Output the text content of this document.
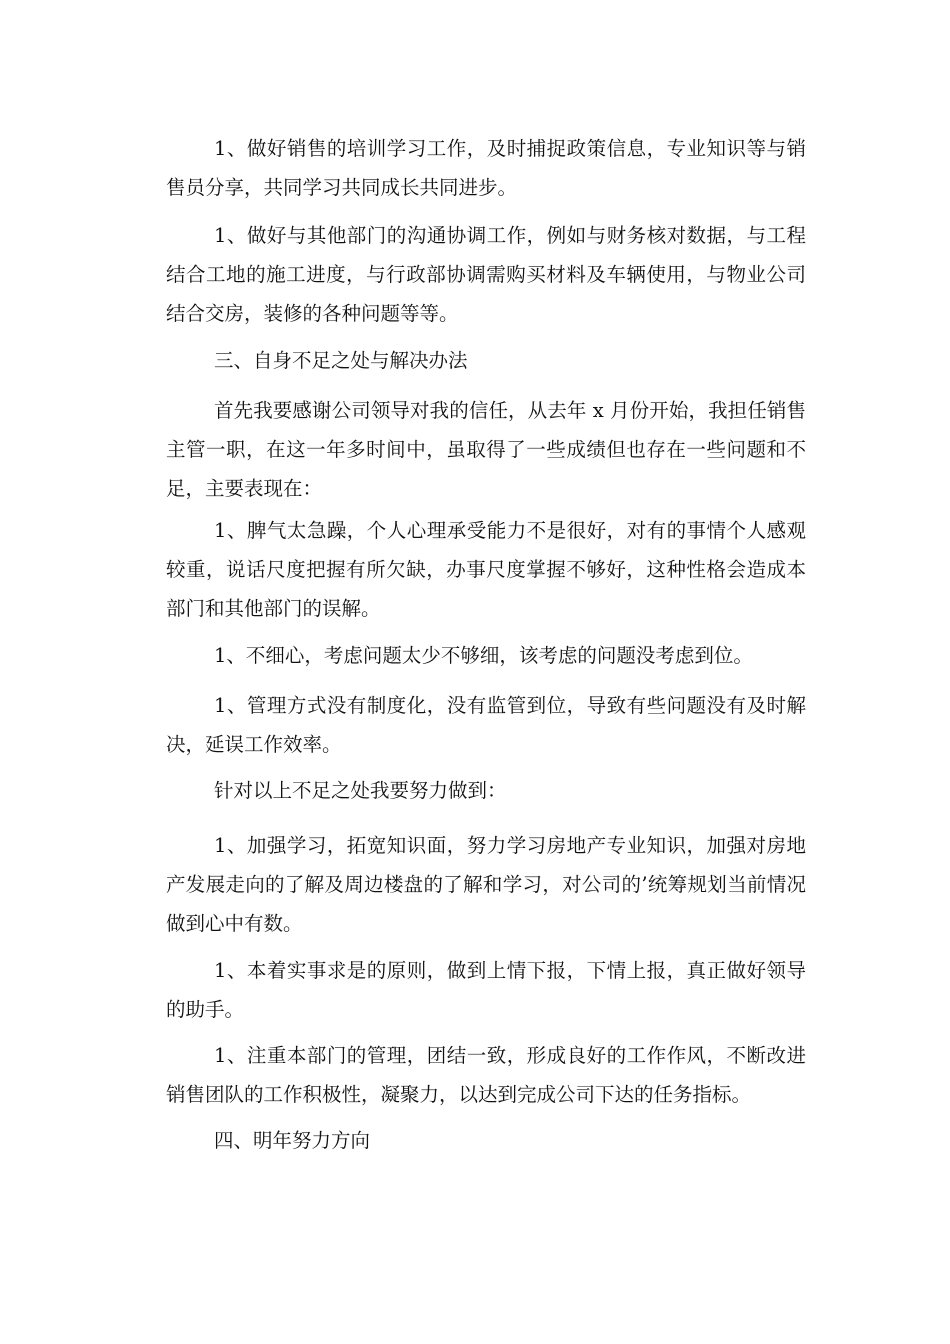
1、做好销售的培训学习工作，及时捕捉政策信息，专业知识等与销售员分享，共同学习共同成长共同进步。

1、做好与其他部门的沟通协调工作，例如与财务核对数据，与工程结合工地的施工进度，与行政部协调需购买材料及车辆使用，与物业公司结合交房，装修的各种问题等等。

三、自身不足之处与解决办法

首先我要感谢公司领导对我的信任，从去年 x 月份开始，我担任销售主管一职，在这一年多时间中，虽取得了一些成绩但也存在一些问题和不足，主要表现在：

1、脾气太急躁，个人心理承受能力不是很好，对有的事情个人感观较重，说话尺度把握有所欠缺，办事尺度掌握不够好，这种性格会造成本部门和其他部门的误解。

1、不细心，考虑问题太少不够细，该考虑的问题没考虑到位。

1、管理方式没有制度化，没有监管到位，导致有些问题没有及时解决，延误工作效率。

针对以上不足之处我要努力做到：

1、加强学习，拓宽知识面，努力学习房地产专业知识，加强对房地产发展走向的了解及周边楼盘的了解和学习，对公司的’统筹规划当前情况做到心中有数。

1、本着实事求是的原则，做到上情下报，下情上报，真正做好领导的助手。

1、注重本部门的管理，团结一致，形成良好的工作作风，不断改进销售团队的工作积极性，凝聚力，以达到完成公司下达的任务指标。

四、明年努力方向
